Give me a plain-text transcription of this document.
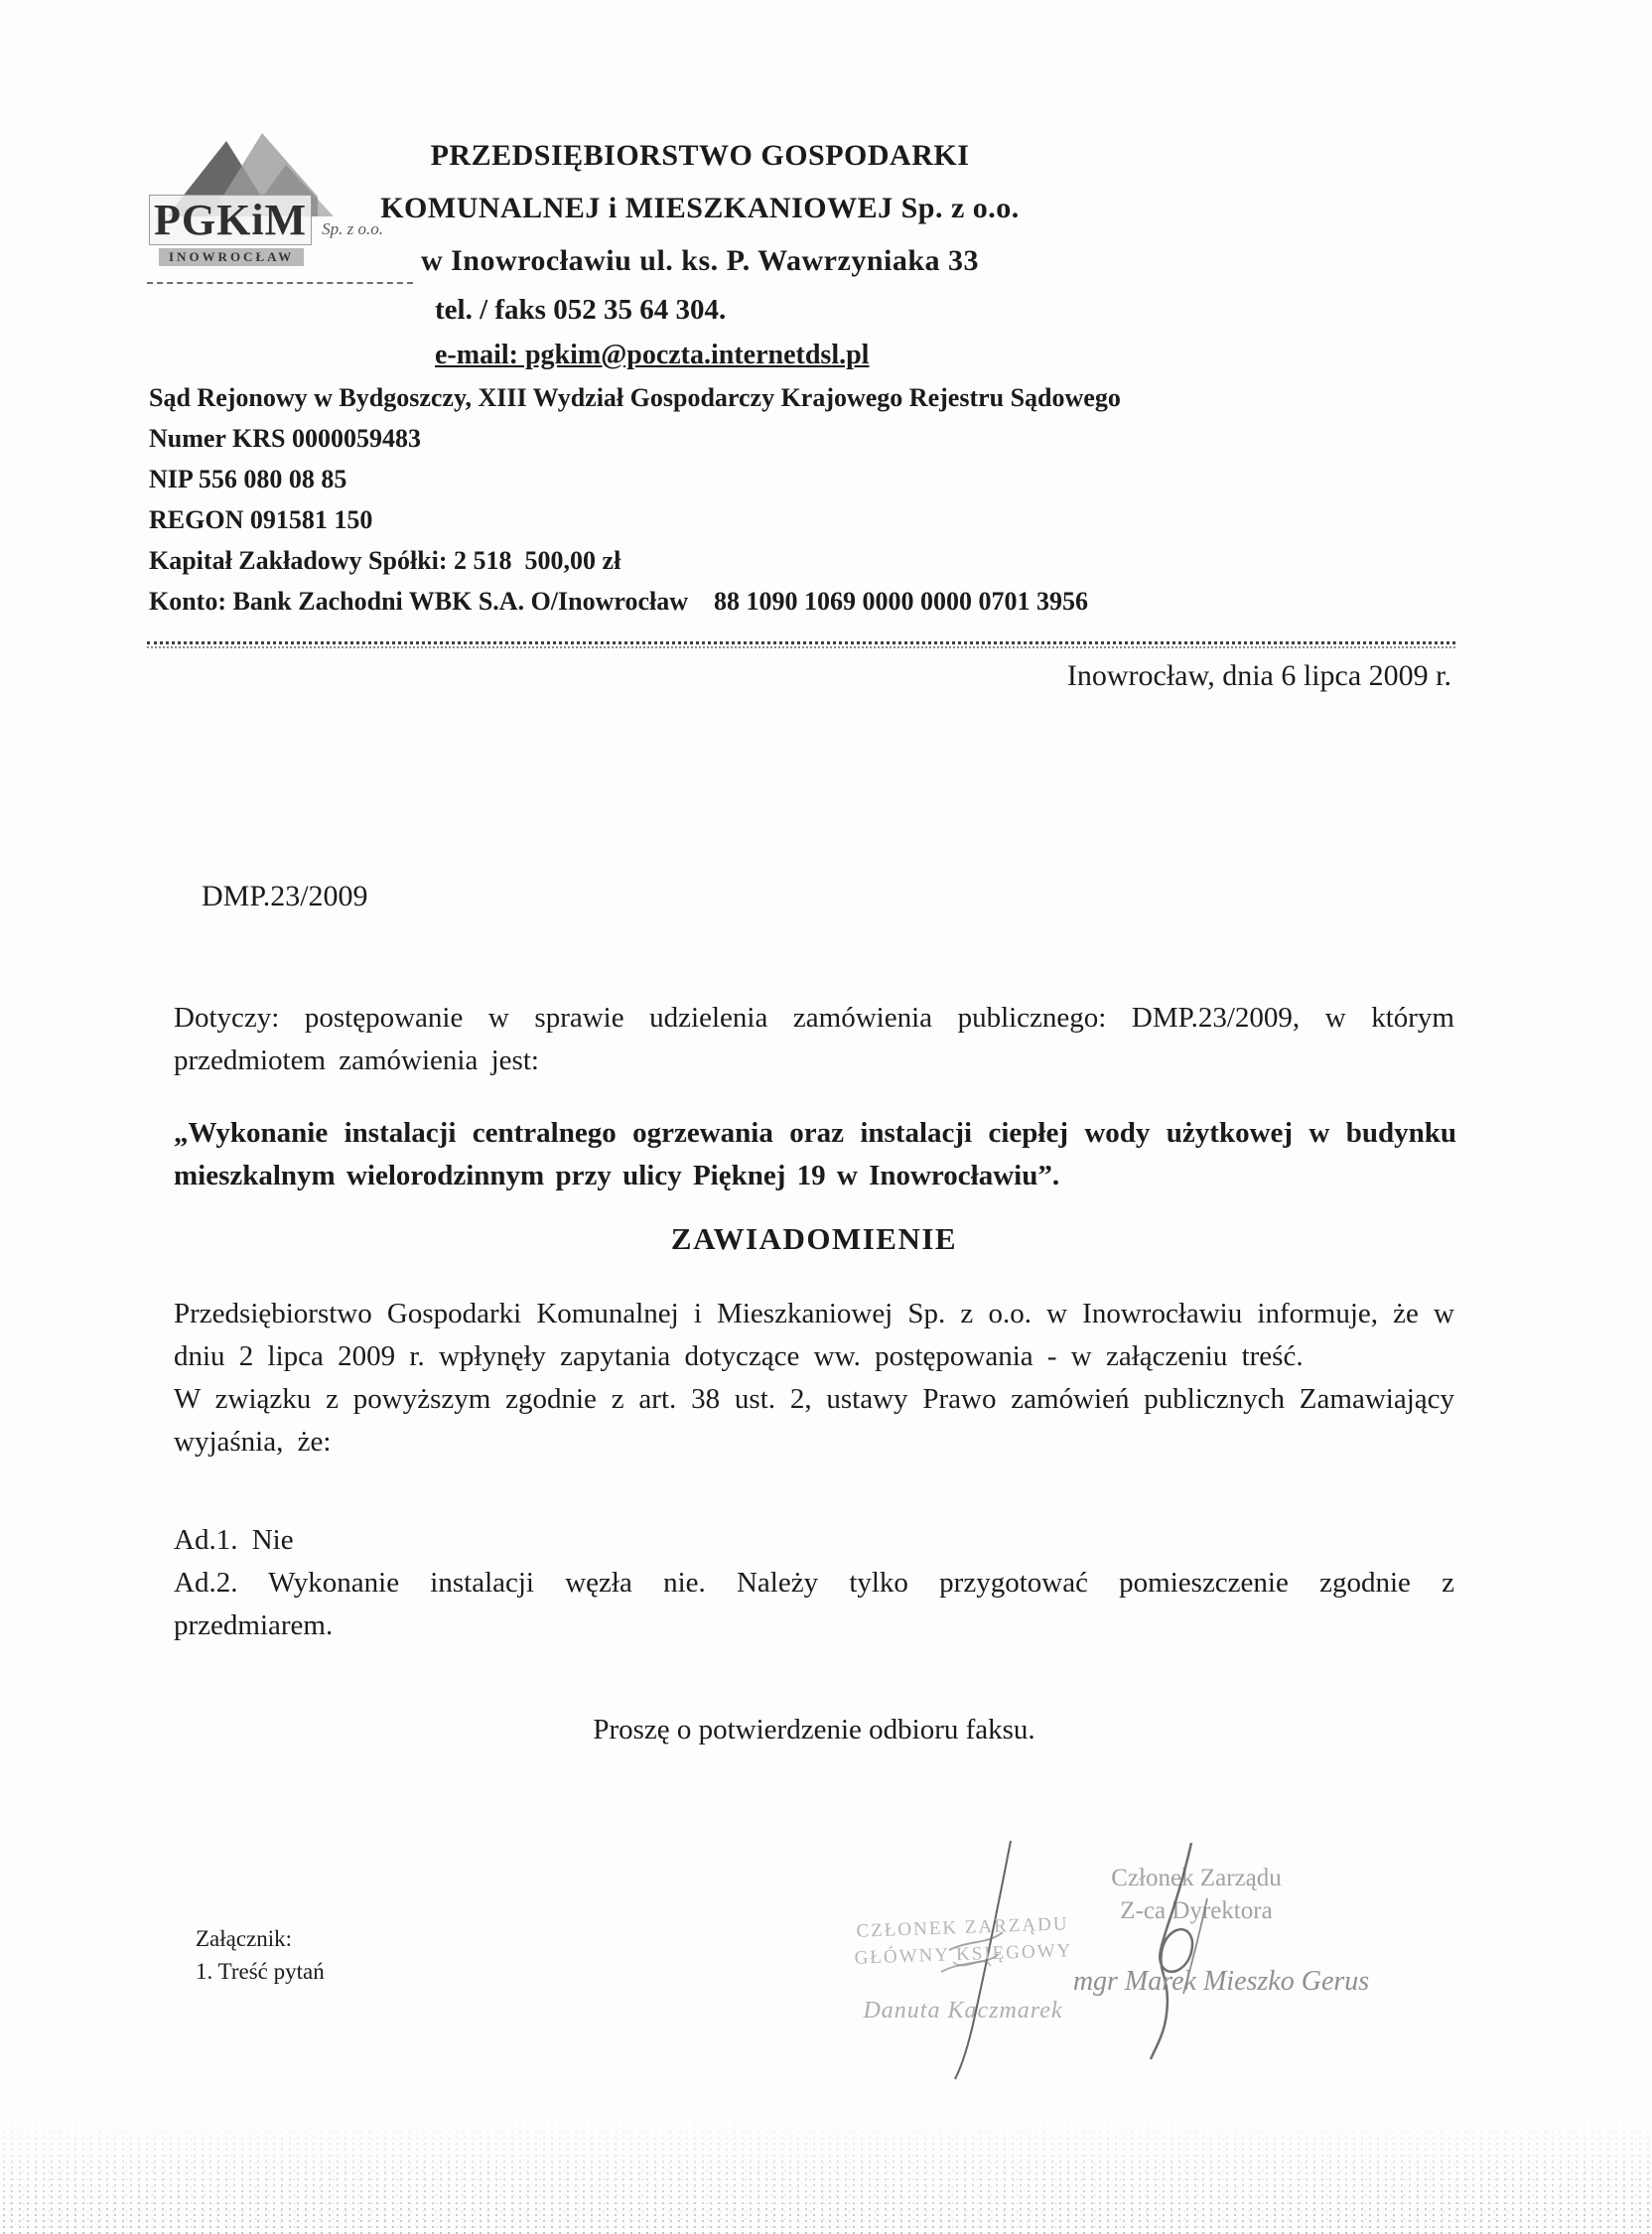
PGKiM Sp. z o.o.
INOWROCŁAW
PRZEDSIĘBIORSTWO GOSPODARKI
KOMUNALNEJ i MIESZKANIOWEJ Sp. z o.o.
w Inowrocławiu ul. ks. P. Wawrzyniaka 33
tel. / faks 052 35 64 304.
e-mail: pgkim@poczta.internetdsl.pl
Sąd Rejonowy w Bydgoszczy, XIII Wydział Gospodarczy Krajowego Rejestru Sądowego
Numer KRS 0000059483
NIP 556 080 08 85
REGON 091581 150
Kapitał Zakładowy Spółki: 2 518  500,00 zł
Konto: Bank Zachodni WBK S.A. O/Inowrocław    88 1090 1069 0000 0000 0701 3956
Inowrocław, dnia 6 lipca 2009 r.
DMP.23/2009
Dotyczy: postępowanie w sprawie udzielenia zamówienia publicznego: DMP.23/2009, w którym przedmiotem zamówienia jest:
„Wykonanie instalacji centralnego ogrzewania oraz instalacji ciepłej wody użytkowej w budynku mieszkalnym wielorodzinnym przy ulicy Pięknej 19 w Inowrocławiu”.
ZAWIADOMIENIE

Przedsiębiorstwo Gospodarki Komunalnej i Mieszkaniowej Sp. z o.o. w Inowrocławiu informuje, że w dniu 2 lipca 2009 r. wpłynęły zapytania dotyczące ww. postępowania - w załączeniu treść.

W związku z powyższym zgodnie z art. 38 ust. 2, ustawy Prawo zamówień publicznych Zamawiający wyjaśnia, że:

Ad.1. Nie

Ad.2. Wykonanie instalacji węzła nie. Należy tylko przygotować pomieszczenie zgodnie z przedmiarem.

Proszę o potwierdzenie odbioru faksu.
Załącznik:
1. Treść pytań
CZŁONEK ZARZĄDU
GŁÓWNY KSIĘGOWY
Danuta Kaczmarek
Członek Zarządu
Z-ca Dyrektora
mgr Marek Mieszko Gerus
